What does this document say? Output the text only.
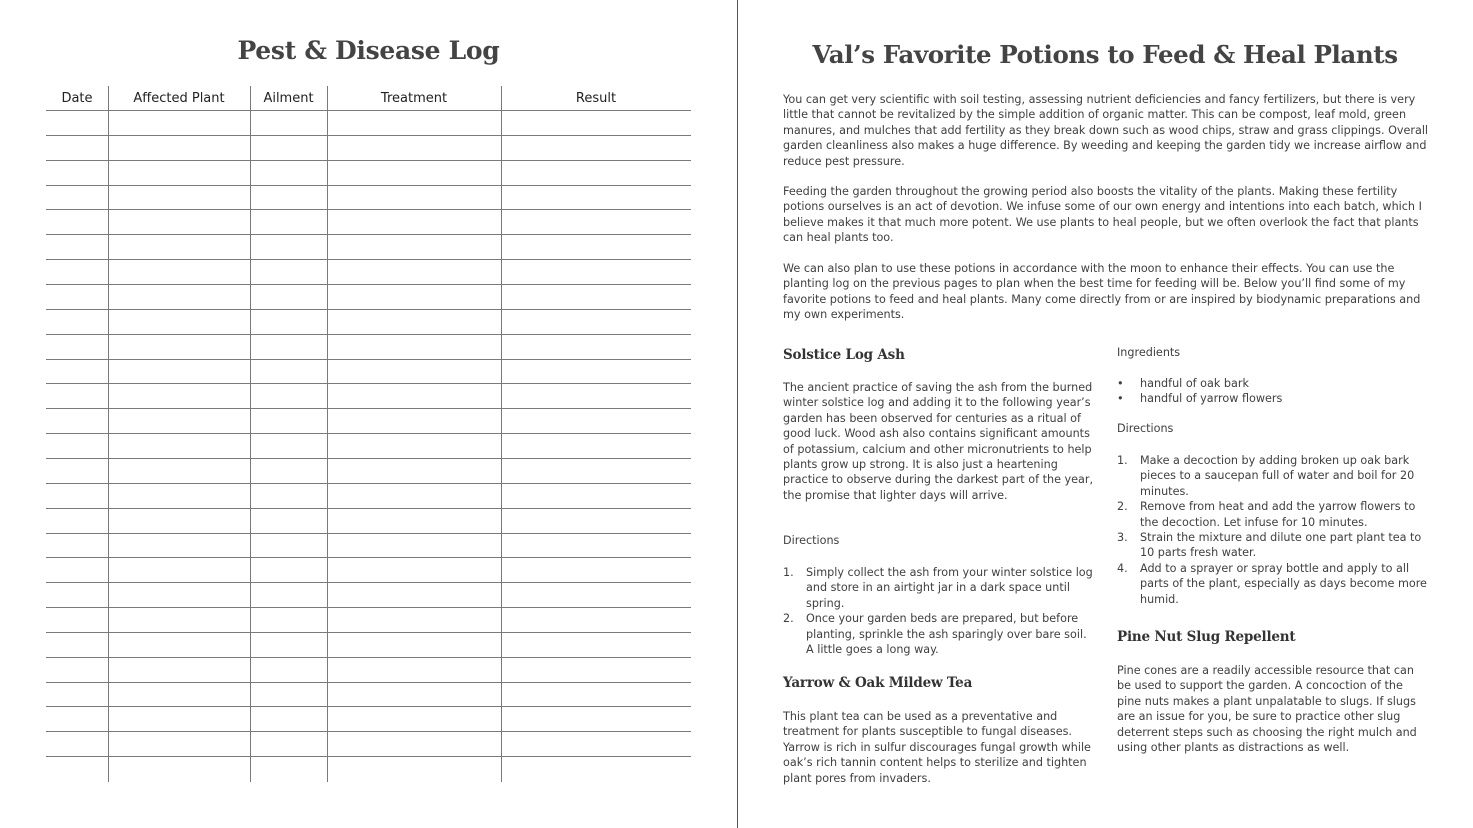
Pest & Disease Log
Date	Affected Plant	Ailment	Treatment	Result
Val’s Favorite Potions to Feed & Heal Plants

You can get very scientific with soil testing, assessing nutrient deficiencies and fancy fertilizers, but there is very little that cannot be revitalized by the simple addition of organic matter. This can be compost, leaf mold, green manures, and mulches that add fertility as they break down such as wood chips, straw and grass clippings. Overall garden cleanliness also makes a huge difference. By weeding and keeping the garden tidy we increase airflow and reduce pest pressure.

Feeding the garden throughout the growing period also boosts the vitality of the plants. Making these fertility potions ourselves is an act of devotion. We infuse some of our own energy and intentions into each batch, which I believe makes it that much more potent. We use plants to heal people, but we often overlook the fact that plants can heal plants too.

We can also plan to use these potions in accordance with the moon to enhance their effects. You can use the planting log on the previous pages to plan when the best time for feeding will be. Below you’ll find some of my favorite potions to feed and heal plants. Many come directly from or are inspired by biodynamic preparations and my own experiments.

Solstice Log Ash

The ancient practice of saving the ash from the burned winter solstice log and adding it to the following year’s garden has been observed for centuries as a ritual of good luck. Wood ash also contains significant amounts of potassium, calcium and other micronutrients to help plants grow up strong. It is also just a heartening practice to observe during the darkest part of the year, the promise that lighter days will arrive.

Directions

1. Simply collect the ash from your winter solstice log and store in an airtight jar in a dark space until spring.
2. Once your garden beds are prepared, but before planting, sprinkle the ash sparingly over bare soil. A little goes a long way.
Yarrow & Oak Mildew Tea

This plant tea can be used as a preventative and treatment for plants susceptible to fungal diseases. Yarrow is rich in sulfur discourages fungal growth while oak’s rich tannin content helps to sterilize and tighten plant pores from invaders.

Ingredients

• handful of oak bark
• handful of yarrow flowers

Directions

1. Make a decoction by adding broken up oak bark pieces to a saucepan full of water and boil for 20 minutes.
2. Remove from heat and add the yarrow flowers to the decoction. Let infuse for 10 minutes.
3. Strain the mixture and dilute one part plant tea to 10 parts fresh water.
4. Add to a sprayer or spray bottle and apply to all parts of the plant, especially as days become more humid.
Pine Nut Slug Repellent

Pine cones are a readily accessible resource that can be used to support the garden. A concoction of the pine nuts makes a plant unpalatable to slugs. If slugs are an issue for you, be sure to practice other slug deterrent steps such as choosing the right mulch and using other plants as distractions as well.
